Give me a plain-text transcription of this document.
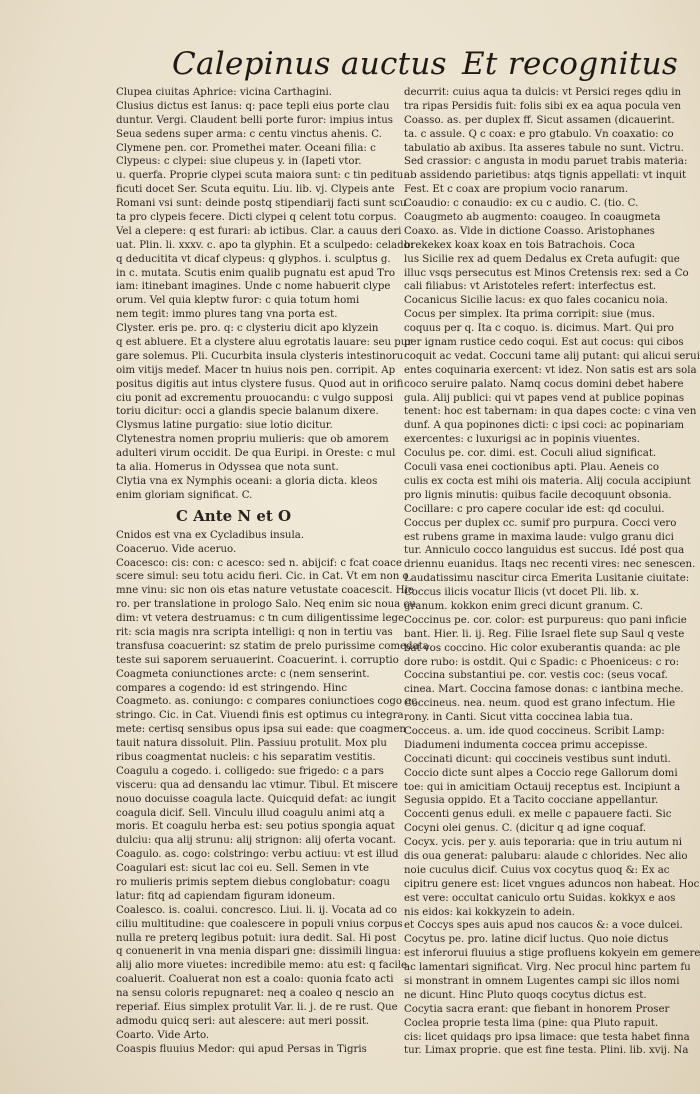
Calepinus auctus Et recognitus
Clupea ciuitas Aphrice: vicina Carthagini.
Clusius dictus est Ianus: q: pace tepli eius porte clau
duntur. Vergi. Claudent belli porte furor: impius intus
Seua sedens super arma: c centu vinctus ahenis. C.
Clymene pen. cor. Promethei mater. Oceani filia: c
Clypeus: c clypei: siue clupeus y. in (Iapeti vtor.
u. querfa. Proprie clypei scuta maiora sunt: c tin peditu:
ficuti docet Ser. Scuta equitu. Liu. lib. vj. Clypeis ante
Romani vsi sunt: deinde postq stipendiarij facti sunt scu
ta pro clypeis fecere. Dicti clypei q celent totu corpus.
Vel a clepere: q est furari: ab ictibus. Clar. a cauus deri
uat. Plin. li. xxxv. c. apo ta glyphin. Et a sculpedo: celado:
q deducitita vt dicaf clypeus: q glyphos. i. sculptus g.
in c. mutata. Scutis enim qualib pugnatu est apud Tro
iam: itinebant imagines. Unde c nome habuerit clype
orum. Vel quia kleptw furor: c quia totum homi
nem tegit: immo plures tang vna porta est.
Clyster. eris pe. pro. q: c clysteriu dicit apo klyzein
q est abluere. Et a clystere aluu egrotatis lauare: seu pur
gare solemus. Pli. Cucurbita insula clysteris intestinoru
oim vitijs medef. Macer tn huius nois pen. corripit. Ap
positus digitis aut intus clystere fusus. Quod aut in orifi
ciu ponit ad excrementu prouocandu: c vulgo supposi
toriu dicitur: occi a glandis specie balanum dixere.
Clysmus latine purgatio: siue lotio dicitur.
Clytenestra nomen propriu mulieris: que ob amorem
adulteri virum occidit. De qua Euripi. in Oreste: c mul
ta alia. Homerus in Odyssea que nota sunt.
Clytia vna ex Nymphis oceani: a gloria dicta. kleos
enim gloriam significat. C.
C Ante N et O
Cnidos est vna ex Cycladibus insula.
Coaceruo. Vide aceruo.
Coacesco: cis: con: c acesco: sed n. abijcif: c fcat coace
scere simul: seu totu acidu fieri. Cic. in Cat. Vt em non o
mne vinu: sic non ois etas nature vetustate coacescit. Hie
ro. per translatione in prologo Salo. Neq enim sic noua cu
dim: vt vetera destruamus: c tn cum diligentissime lege
rit: scia magis nra scripta intelligi: q non in tertiu vas
transfusa coacuerint: sz statim de prelo purissime comedata
teste sui saporem seruauerint. Coacuerint. i. corruptio
Coagmeta coniunctiones arcte: c (nem senserint.
compares a cogendo: id est stringendo. Hinc
Coagmeto. as. coniungo: c compares coniunctioes cogo ac
stringo. Cic. in Cat. Viuendi finis est optimus cu integra
mete: certisq sensibus opus ipsa sui eade: que coagmen
tauit natura dissoluit. Plin. Passiuu protulit. Mox plu
ribus coagmentat nucleis: c his separatim vestitis.
Coagulu a cogedo. i. colligedo: sue frigedo: c a pars
visceru: qua ad densandu lac vtimur. Tibul. Et miscere
nouo docuisse coagula lacte. Quicquid defat: ac iungit
coagula dicif. Sell. Vinculu illud coagulu animi atq a
moris. Et coagulu herba est: seu potius spongia aquat
dulciu: qua alij strunu: alij strignon: alij oferta vocant.
Coagulo. as. cogo: colstringo: verbu actiuu: vt est illud
Coagulari est: sicut lac coi eu. Sell. Semen in vte
ro mulieris primis septem diebus conglobatur: coagu
latur: fitq ad capiendam figuram idoneum.
Coalesco. is. coalui. concresco. Liui. li. ij. Vocata ad co
ciliu multitudine: que coalescere in populi vnius corpus
nulla re preterq legibus potuit: iura dedit. Sal. Hi post
q conuenerit in vna menia dispari gne: dissimili lingua:
alij alio more viuetes: incredibile memo: atu est: q facile
coaluerit. Coaluerat non est a coalo: quonia fcato acti
na sensu coloris repugnaret: neq a coaleo q nescio an
reperiaf. Eius simplex protulit Var. li. j. de re rust. Que
admodu quicq seri: aut alescere: aut meri possit.
Coarto. Vide Arto.
Coaspis fluuius Medor: qui apud Persas in Tigris
decurrit: cuius aqua ta dulcis: vt Persici reges qdiu in
tra ripas Persidis fuit: folis sibi ex ea aqua pocula ven
Coasso. as. per duplex ff. Sicut assamen (dicauerint.
ta. c assule. Q c coax: e pro gtabulo. Vn coaxatio: co
tabulatio ab axibus. Ita asseres tabule no sunt. Victru.
Sed crassior: c angusta in modu paruet trabis materia:
ab assidendo parietibus: atqs tignis appellati: vt inquit
Fest. Et c coax are propium vocio ranarum.
Coaudio: c conaudio: ex cu c audio. C. (tio. C.
Coaugmeto ab augmento: coaugeo. In coaugmeta
Coaxo. as. Vide in dictione Coasso. Aristophanes
brekekex koax koax en tois Batrachois. Coca
lus Sicilie rex ad quem Dedalus ex Creta aufugit: que
illuc vsqs persecutus est Minos Cretensis rex: sed a Co
cali filiabus: vt Aristoteles refert: interfectus est.
Cocanicus Sicilie lacus: ex quo fales cocanicu noia.
Cocus per simplex. Ita prima corripit: siue (mus.
coquus per q. Ita c coquo. is. dicimus. Mart. Qui pro
per ignam rustice cedo coqui. Est aut cocus: qui cibos
coquit ac vedat. Coccuni tame alij putant: qui alicui serui
entes coquinaria exercent: vt idez. Non satis est ars sola
coco seruire palato. Namq cocus domini debet habere
gula. Alij publici: qui vt papes vend at publice popinas
tenent: hoc est tabernam: in qua dapes cocte: c vina ven
dunf. A qua popinones dicti: c ipsi coci: ac popinariam
exercentes: c luxurigsi ac in popinis viuentes.
Coculus pe. cor. dimi. est. Coculi aliud significat.
Coculi vasa enei coctionibus apti. Plau. Aeneis co
culis ex cocta est mihi ois materia. Alij cocula accipiunt
pro lignis minutis: quibus facile decoquunt obsonia.
Cocillare: c pro capere cocular ide est: qd cocului.
Coccus per duplex cc. sumif pro purpura. Cocci vero
est rubens grame in maxima laude: vulgo granu dici
tur. Anniculo cocco languidus est succus. Idé post qua
driennu euanidus. Itaqs nec recenti vires: nec senescen.
Laudatissimu nascitur circa Emerita Lusitanie ciuitate:
Coccus ilicis vocatur Ilicis (vt docet Pli. lib. x.
granum. kokkon enim greci dicunt granum. C.
Coccinus pe. cor. color: est purpureus: quo pani inficie
bant. Hier. li. ij. Reg. Filie Israel flete sup Saul q veste
bat vos coccino. Hic color exuberantis quanda: ac ple
dore rubo: is ostdit. Qui c Spadic: c Phoeniceus: c ro:
Coccina substantiui pe. cor. vestis coc: (seus vocaf.
cinea. Mart. Coccina famose donas: c iantbina meche.
Coccineus. nea. neum. quod est grano infectum. Hie
rony. in Canti. Sicut vitta coccinea labia tua.
Cocceus. a. um. ide quod coccineus. Scribit Lamp:
Diadumeni indumenta coccea primu accepisse.
Coccinati dicunt: qui coccineis vestibus sunt induti.
Coccio dicte sunt alpes a Coccio rege Gallorum domi
toe: qui in amicitiam Octauij receptus est. Incipiunt a
Segusia oppido. Et a Tacito cocciane appellantur.
Coccenti genus eduli. ex melle c papauere facti. Sic
Cocyni olei genus. C. (dicitur q ad igne coquaf.
Cocyx. ycis. per y. auis teporaria: que in triu autum ni
dis oua generat: palubaru: alaude c chlorides. Nec alio
noie cuculus dicif. Cuius vox cocytus quoq &: Ex ac
cipitru genere est: licet vngues aduncos non habeat. Hoc
est vere: occultat caniculo ortu Suidas. kokkyx e aos
nis eidos: kai kokkyzein to adein.
et Coccys spes auis apud nos caucos &: a voce dulcei.
Cocytus pe. pro. latine dicif luctus. Quo noie dictus
est inferorui fluuius a stige profluens kokyein em gemere
ac lamentari significat. Virg. Nec procul hinc partem fu
si monstrant in omnem Lugentes campi sic illos nomi
ne dicunt. Hinc Pluto quoqs cocytus dictus est.
Cocytia sacra erant: que fiebant in honorem Proser
Coclea proprie testa lima (pine: qua Pluto rapuit.
cis: licet quidaqs pro ipsa limace: que testa habet finna
tur. Limax proprie. que est fine testa. Plini. lib. xvij. Na
